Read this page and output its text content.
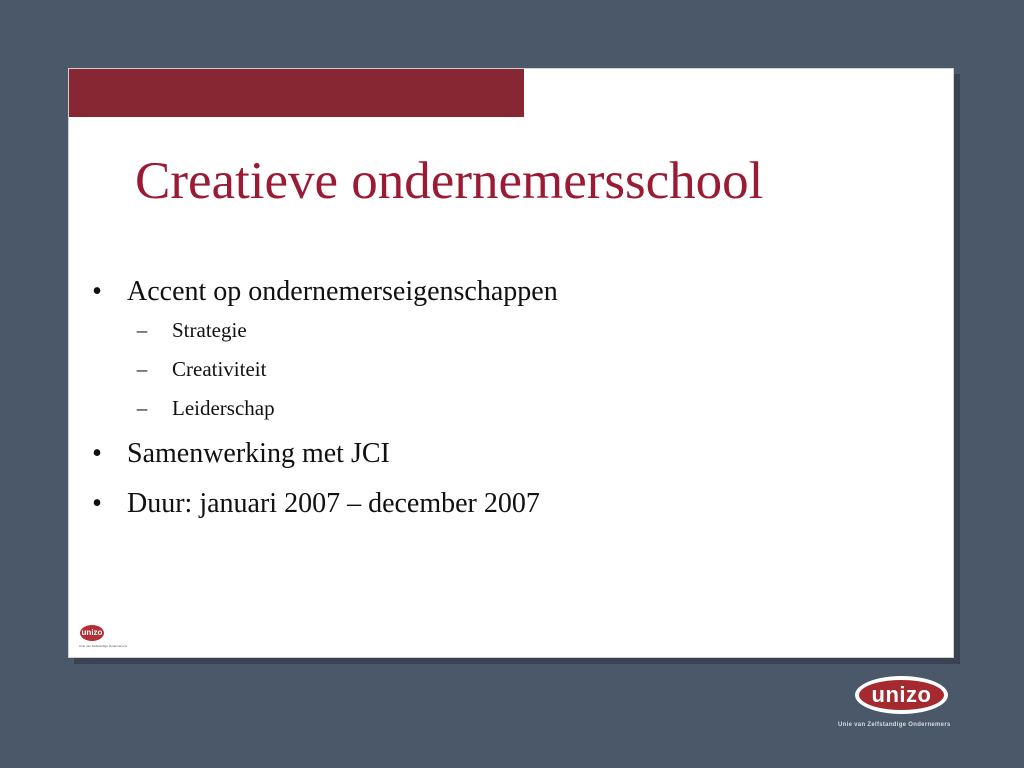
Creatieve ondernemersschool
• Accent op ondernemerseigenschappen
–	Strategie
–	Creativiteit
–	Leiderschap
• Samenwerking met JCI
• Duur: januari 2007 – december 2007
unizo
Unie van Zelfstandige Ondernemers
unizo
Unie van Zelfstandige Ondernemers
